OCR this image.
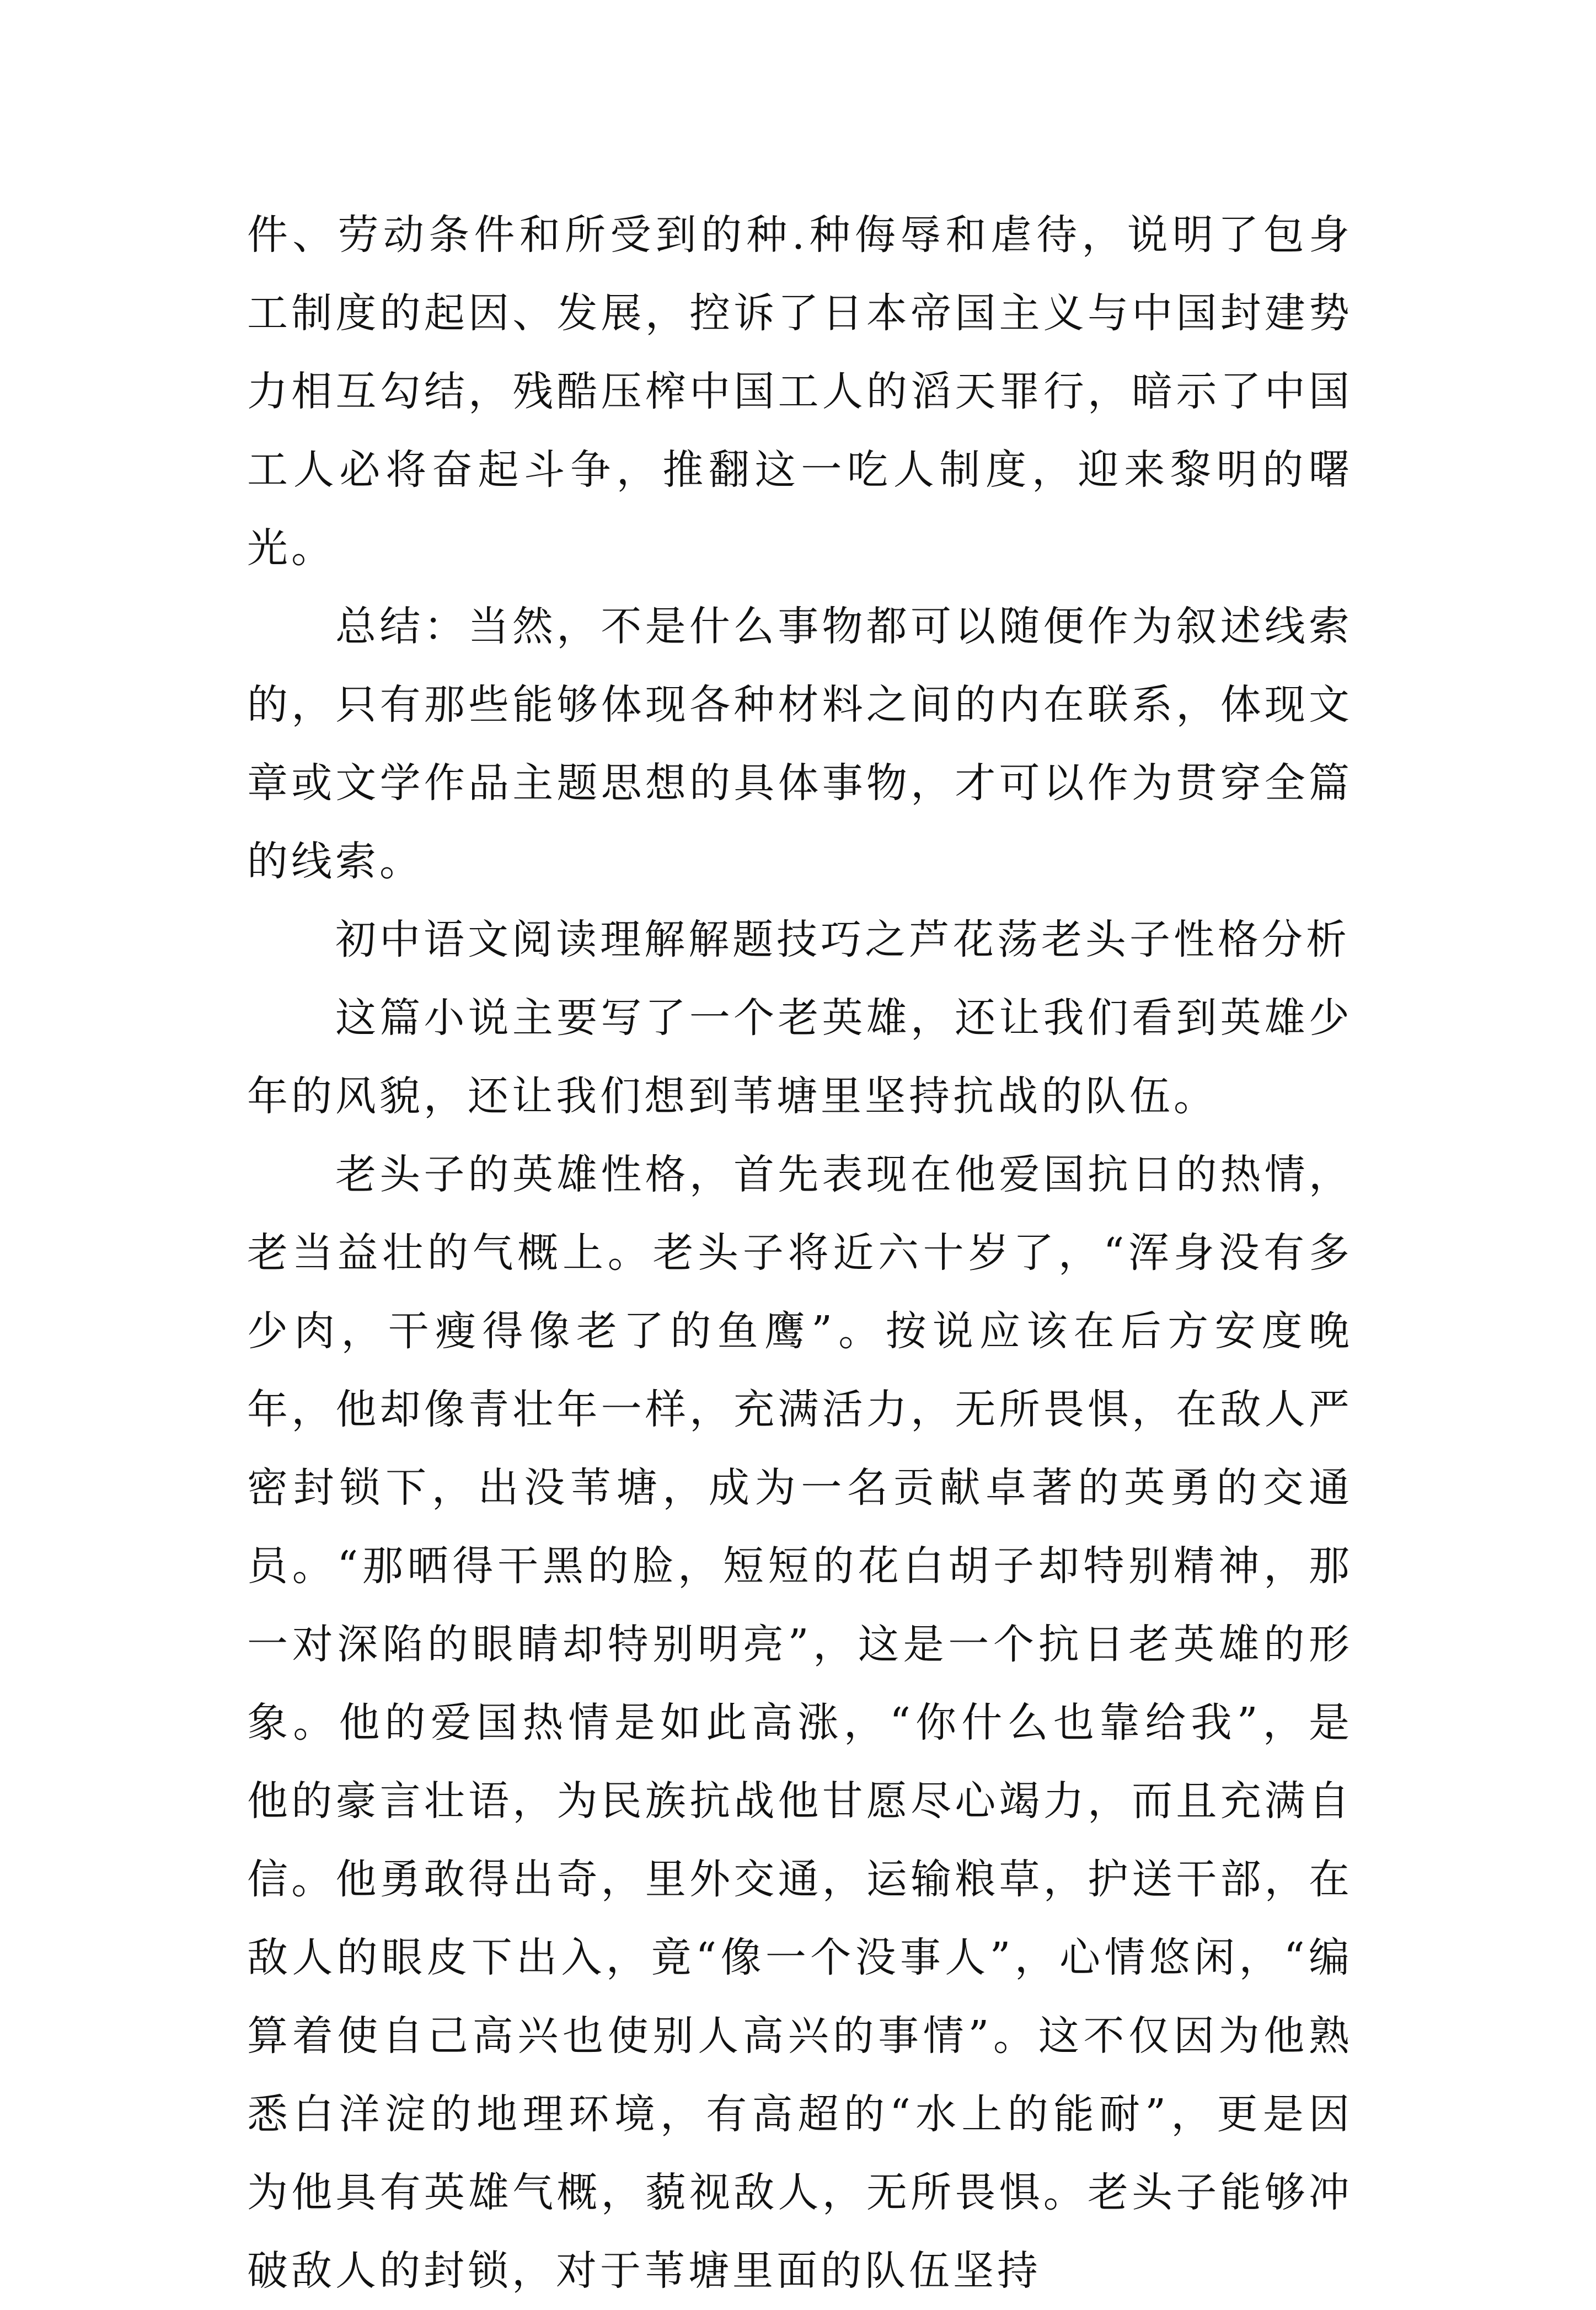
件、劳动条件和所受到的种.种侮辱和虐待，说明了包身工制度的起因、发展，控诉了日本帝国主义与中国封建势力相互勾结，残酷压榨中国工人的滔天罪行，暗示了中国工人必将奋起斗争，推翻这一吃人制度，迎来黎明的曙光。

总结：当然，不是什么事物都可以随便作为叙述线索的，只有那些能够体现各种材料之间的内在联系，体现文章或文学作品主题思想的具体事物，才可以作为贯穿全篇的线索。

初中语文阅读理解解题技巧之芦花荡老头子性格分析

这篇小说主要写了一个老英雄，还让我们看到英雄少年的风貌，还让我们想到苇塘里坚持抗战的队伍。

老头子的英雄性格，首先表现在他爱国抗日的热情，老当益壮的气概上。老头子将近六十岁了，“浑身没有多少肉，干瘦得像老了的鱼鹰”。按说应该在后方安度晚年，他却像青壮年一样，充满活力，无所畏惧，在敌人严密封锁下，出没苇塘，成为一名贡献卓著的英勇的交通员。“那晒得干黑的脸，短短的花白胡子却特别精神，那一对深陷的眼睛却特别明亮”，这是一个抗日老英雄的形象。他的爱国热情是如此高涨，“你什么也靠给我”，是他的豪言壮语，为民族抗战他甘愿尽心竭力，而且充满自信。他勇敢得出奇，里外交通，运输粮草，护送干部，在敌人的眼皮下出入，竟“像一个没事人”，心情悠闲，“编算着使自己高兴也使别人高兴的事情”。这不仅因为他熟悉白洋淀的地理环境，有高超的“水上的能耐”，更是因为他具有英雄气概，藐视敌人，无所畏惧。老头子能够冲破敌人的封锁，对于苇塘里面的队伍坚持
